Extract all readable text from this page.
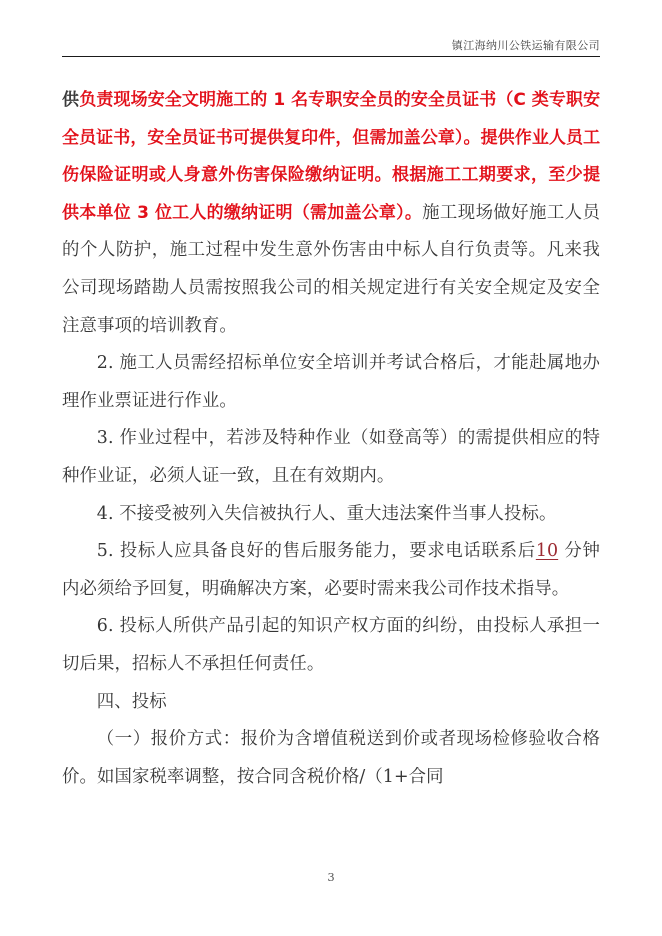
镇江海纳川公铁运输有限公司
供负责现场安全文明施工的 1 名专职安全员的安全员证书（C 类专职安全员证书，安全员证书可提供复印件，但需加盖公章）。提供作业人员工伤保险证明或人身意外伤害保险缴纳证明。根据施工工期要求，至少提供本单位 3 位工人的缴纳证明（需加盖公章）。施工现场做好施工人员的个人防护，施工过程中发生意外伤害由中标人自行负责等。凡来我公司现场踏勘人员需按照我公司的相关规定进行有关安全规定及安全注意事项的培训教育。
2. 施工人员需经招标单位安全培训并考试合格后，才能赴属地办理作业票证进行作业。
3. 作业过程中，若涉及特种作业（如登高等）的需提供相应的特种作业证，必须人证一致，且在有效期内。
4. 不接受被列入失信被执行人、重大违法案件当事人投标。
5. 投标人应具备良好的售后服务能力，要求电话联系后10 分钟内必须给予回复，明确解决方案，必要时需来我公司作技术指导。
6. 投标人所供产品引起的知识产权方面的纠纷，由投标人承担一切后果，招标人不承担任何责任。
四、投标
（一）报价方式：报价为含增值税送到价或者现场检修验收合格价。如国家税率调整，按合同含税价格/（1+合同
3
